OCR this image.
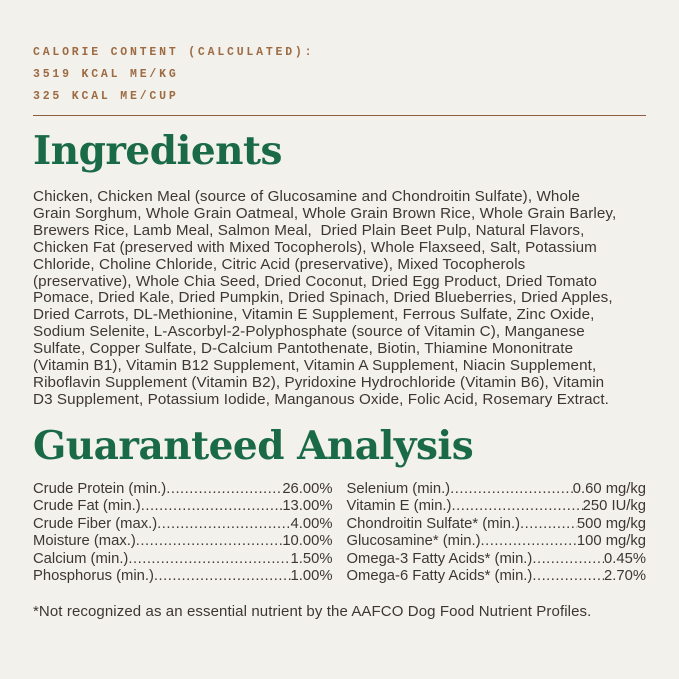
CALORIE CONTENT (CALCULATED):
3519 KCAL ME/KG
325 KCAL ME/CUP
Ingredients
Chicken, Chicken Meal (source of Glucosamine and Chondroitin Sulfate), Whole
Grain Sorghum, Whole Grain Oatmeal, Whole Grain Brown Rice, Whole Grain Barley,
Brewers Rice, Lamb Meal, Salmon Meal,  Dried Plain Beet Pulp, Natural Flavors,
Chicken Fat (preserved with Mixed Tocopherols), Whole Flaxseed, Salt, Potassium
Chloride, Choline Chloride, Citric Acid (preservative), Mixed Tocopherols
(preservative), Whole Chia Seed, Dried Coconut, Dried Egg Product, Dried Tomato
Pomace, Dried Kale, Dried Pumpkin, Dried Spinach, Dried Blueberries, Dried Apples,
Dried Carrots, DL-Methionine, Vitamin E Supplement, Ferrous Sulfate, Zinc Oxide,
Sodium Selenite, L-Ascorbyl-2-Polyphosphate (source of Vitamin C), Manganese
Sulfate, Copper Sulfate, D-Calcium Pantothenate, Biotin, Thiamine Mononitrate
(Vitamin B1), Vitamin B12 Supplement, Vitamin A Supplement, Niacin Supplement,
Riboflavin Supplement (Vitamin B2), Pyridoxine Hydrochloride (Vitamin B6), Vitamin
D3 Supplement, Potassium Iodide, Manganous Oxide, Folic Acid, Rosemary Extract.
Guaranteed Analysis
Crude Protein (min.) .....	26.00%
Crude Fat (min.) .....	13.00%
Crude Fiber (max.) .....	4.00%
Moisture (max.) .....	10.00%
Calcium (min.) .....	1.50%
Phosphorus (min.) .....	1.00%
Selenium (min.) .....	0.60 mg/kg
Vitamin E (min.) .....	250 IU/kg
Chondroitin Sulfate* (min.) .....	500 mg/kg
Glucosamine* (min.) .....	100 mg/kg
Omega-3 Fatty Acids* (min.) .....	0.45%
Omega-6 Fatty Acids* (min.) .....	2.70%
*Not recognized as an essential nutrient by the AAFCO Dog Food Nutrient Profiles.
